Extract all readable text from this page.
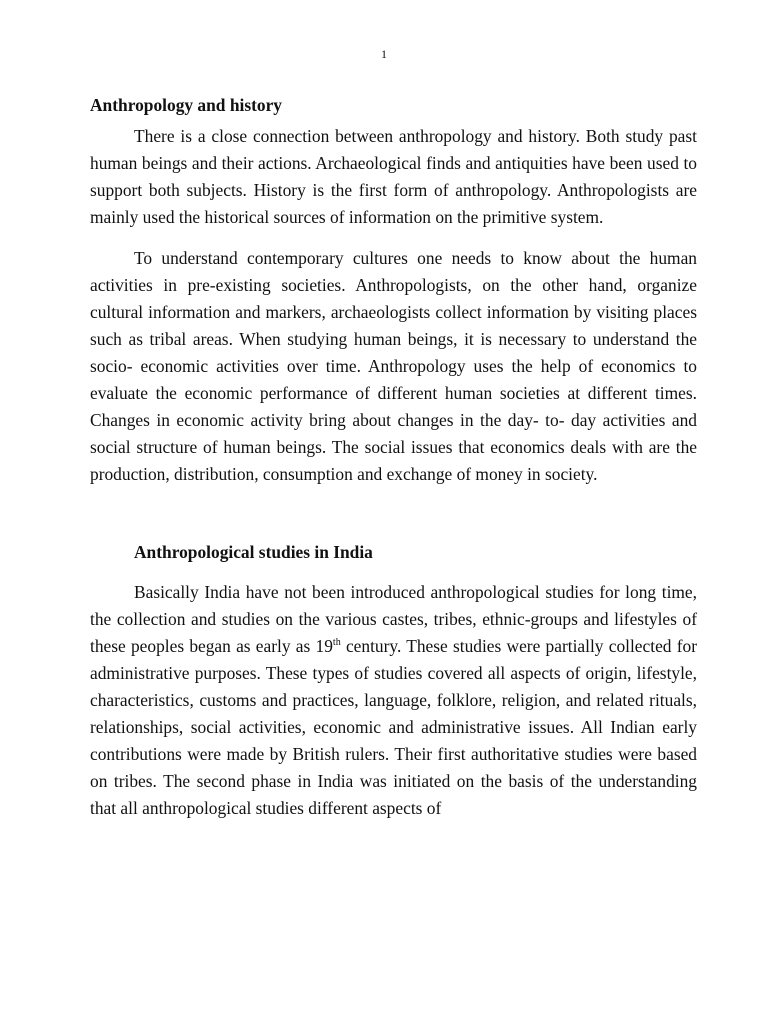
1
Anthropology and history

There is a close connection between anthropology and history. Both study past human beings and their actions. Archaeological finds and antiquities have been used to support both subjects. History is the first form of anthropology. Anthropologists are mainly used the historical sources of information on the primitive system.

To understand contemporary cultures one needs to know about the human activities in pre-existing societies. Anthropologists, on the other hand, organize cultural information and markers, archaeologists collect information by visiting places such as tribal areas. When studying human beings, it is necessary to understand the socio- economic activities over time. Anthropology uses the help of economics to evaluate the economic performance of different human societies at different times. Changes in economic activity bring about changes in the day- to- day activities and social structure of human beings. The social issues that economics deals with are the production, distribution, consumption and exchange of money in society.

Anthropological studies in India

Basically India have not been introduced anthropological studies for long time, the collection and studies on the various castes, tribes, ethnic-groups and lifestyles of these peoples began as early as 19th century. These studies were partially collected for administrative purposes. These types of studies covered all aspects of origin, lifestyle, characteristics, customs and practices, language, folklore, religion, and related rituals, relationships, social activities, economic and administrative issues. All Indian early contributions were made by British rulers. Their first authoritative studies were based on tribes. The second phase in India was initiated on the basis of the understanding that all anthropological studies different aspects of
